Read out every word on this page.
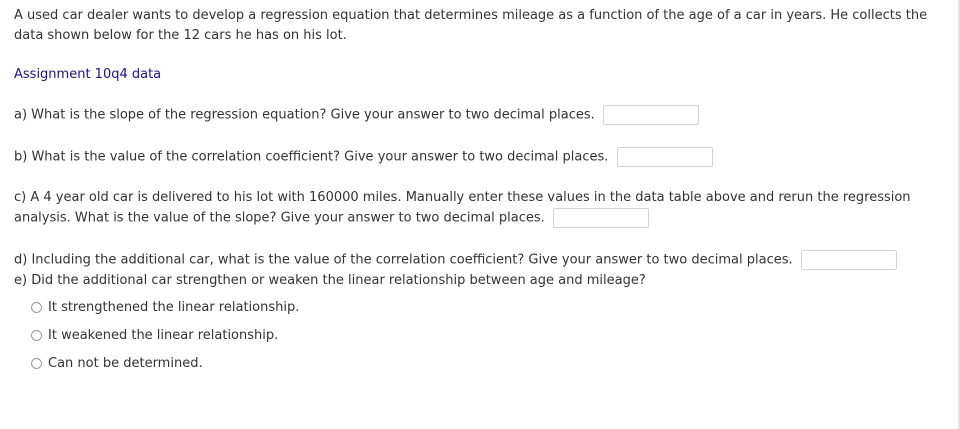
A used car dealer wants to develop a regression equation that determines mileage as a function of the age of a car in years. He collects the
data shown below for the 12 cars he has on his lot.

Assignment 10q4 data

a) What is the slope of the regression equation? Give your answer to two decimal places.

b) What is the value of the correlation coefficient? Give your answer to two decimal places.

c) A 4 year old car is delivered to his lot with 160000 miles. Manually enter these values in the data table above and rerun the regression
analysis. What is the value of the slope? Give your answer to two decimal places.

d) Including the additional car, what is the value of the correlation coefficient? Give your answer to two decimal places.

e) Did the additional car strengthen or weaken the linear relationship between age and mileage?

It strengthened the linear relationship.
It weakened the linear relationship.
Can not be determined.
